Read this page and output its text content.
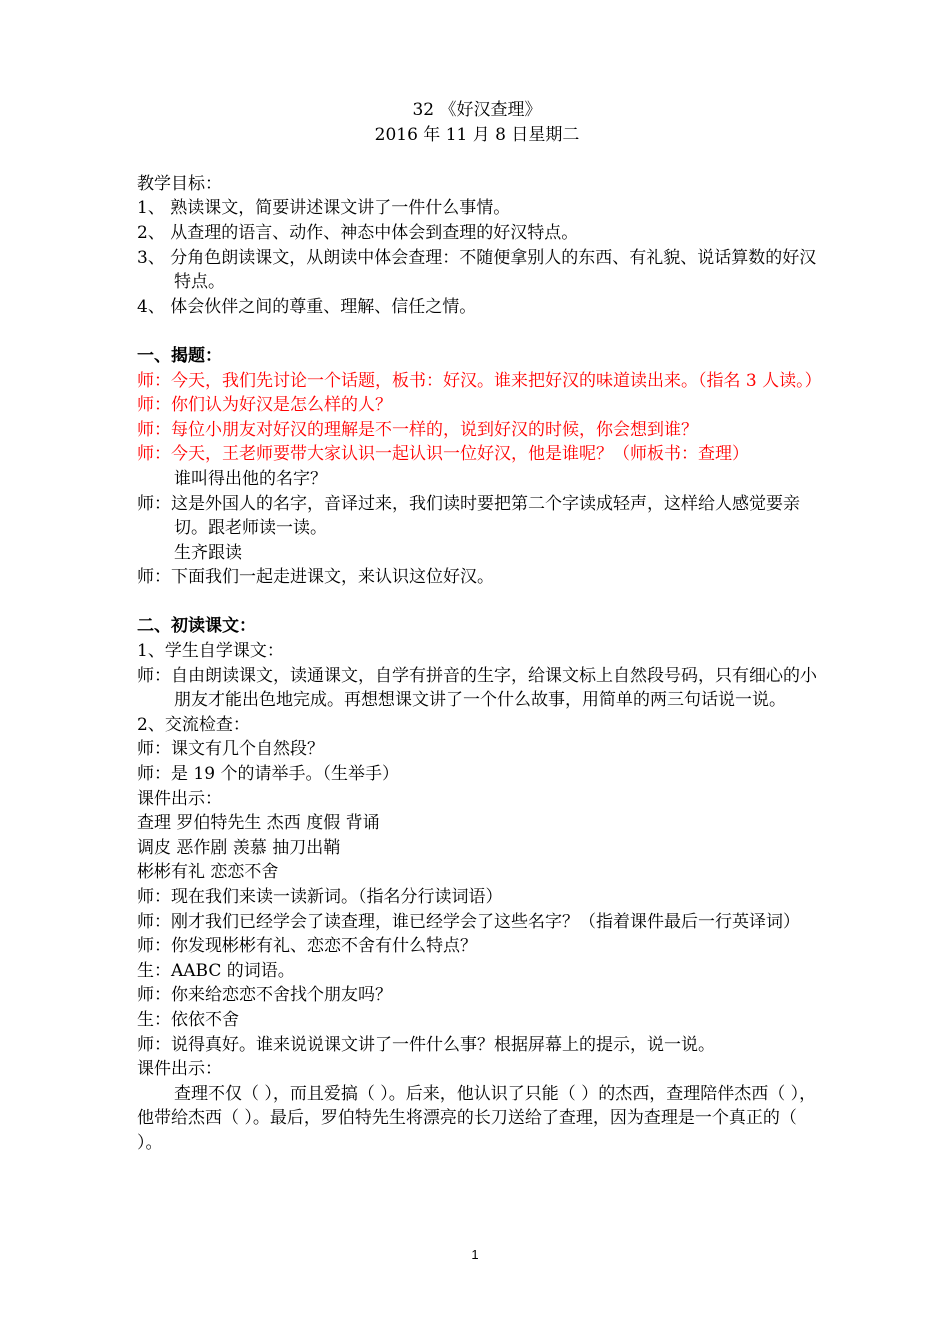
32 《好汉查理》
2016 年 11 月 8 日星期二
教学目标：
1、 熟读课文，简要讲述课文讲了一件什么事情。
2、 从查理的语言、动作、神态中体会到查理的好汉特点。
3、 分角色朗读课文，从朗读中体会查理：不随便拿别人的东西、有礼貌、说话算数的好汉特点。
4、 体会伙伴之间的尊重、理解、信任之情。
一、揭题：
师：今天，我们先讨论一个话题，板书：好汉。谁来把好汉的味道读出来。（指名 3 人读。）
师：你们认为好汉是怎么样的人？
师：每位小朋友对好汉的理解是不一样的，说到好汉的时候，你会想到谁？
师：今天，王老师要带大家认识一起认识一位好汉，他是谁呢？（师板书：查理）
谁叫得出他的名字？
师：这是外国人的名字，音译过来，我们读时要把第二个字读成轻声，这样给人感觉要亲切。跟老师读一读。
生齐跟读
师：下面我们一起走进课文，来认识这位好汉。
二、初读课文：
1、学生自学课文：
师：自由朗读课文，读通课文，自学有拼音的生字，给课文标上自然段号码，只有细心的小朋友才能出色地完成。再想想课文讲了一个什么故事，用简单的两三句话说一说。
2、交流检查：
师：课文有几个自然段？
师：是 19 个的请举手。（生举手）
课件出示：
查理 罗伯特先生 杰西 度假 背诵
调皮 恶作剧 羡慕 抽刀出鞘
彬彬有礼 恋恋不舍
师：现在我们来读一读新词。（指名分行读词语）
师：刚才我们已经学会了读查理，谁已经学会了这些名字？（指着课件最后一行英译词）
师：你发现彬彬有礼、恋恋不舍有什么特点？
生：AABC 的词语。
师：你来给恋恋不舍找个朋友吗？
生：依依不舍
师：说得真好。谁来说说课文讲了一件什么事？根据屏幕上的提示，说一说。
课件出示：
查理不仅（ ），而且爱搞（ ）。后来，他认识了只能（ ）的杰西，查理陪伴杰西（ ），他带给杰西（ ）。最后，罗伯特先生将漂亮的长刀送给了查理，因为查理是一个真正的（ ）。
1
